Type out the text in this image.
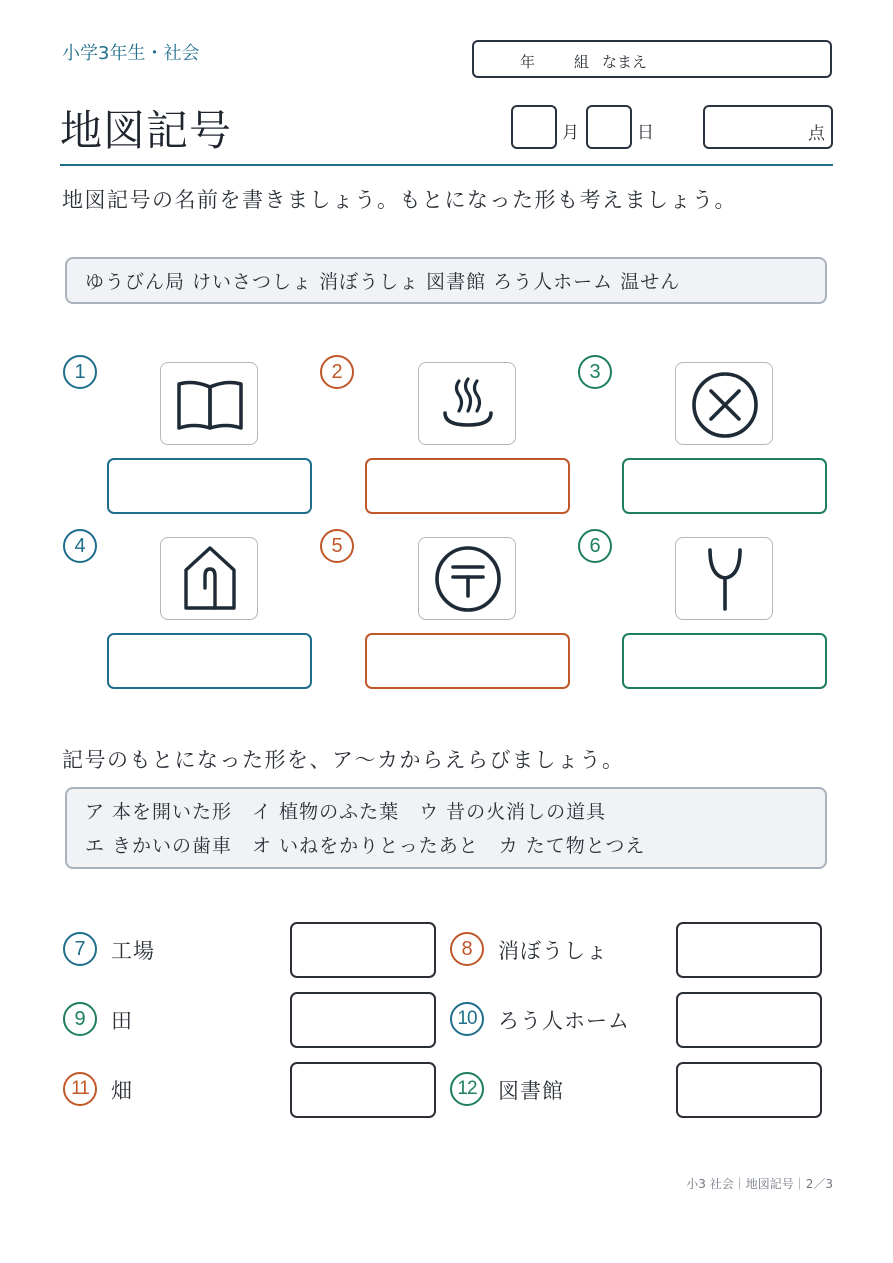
小学3年生・社会	年	組 なまえ
地図記号	月	日	点
地図記号の名前を書きましょう。もとになった形も考えましょう。
ゆうびん局 けいさつしょ 消ぼうしょ 図書館 ろう人ホーム 温せん
1	2	3
4	5	6
記号のもとになった形を、ア〜カからえらびましょう。
ア 本を開いた形　イ 植物のふた葉　ウ 昔の火消しの道具
エ きかいの歯車　オ いねをかりとったあと　カ たて物とつえ
7	工場	8	消ぼうしょ
9	田	10	ろう人ホーム
11	畑	12	図書館
小3 社会｜地図記号｜2／3
